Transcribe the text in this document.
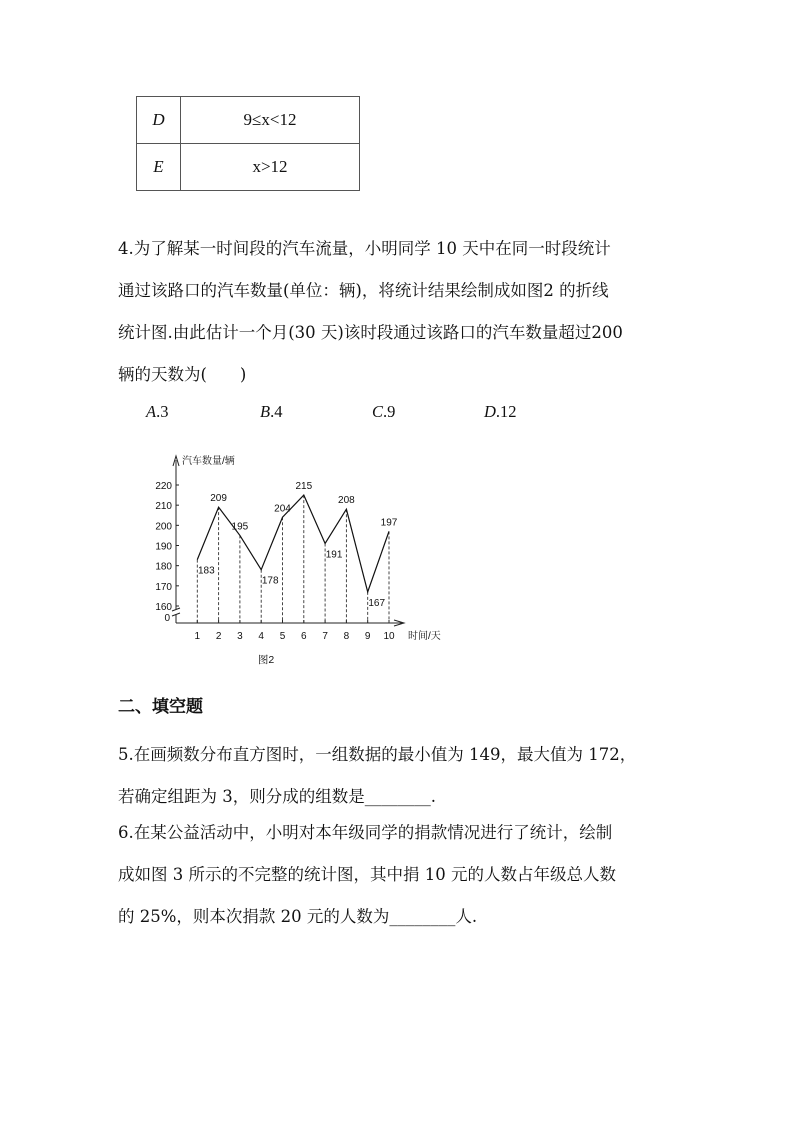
D	9≤x<12
E	x>12

4.为了解某一时间段的汽车流量，小明同学 10 天中在同一时段统计

通过该路口的汽车数量(单位：辆)，将统计结果绘制成如图2 的折线

统计图.由此估计一个月(30 天)该时段通过该路口的汽车数量超过200

辆的天数为(　　)

A.3	B.4	C.9	D.12
220
210
200
190
180
170
160
0
1 2 3 4 5 6 7 8 9 10
汽车数量/辆
时间/天
图2
183
209
195
178
204
215
191
208
167
197
二、填空题

5.在画频数分布直方图时，一组数据的最小值为 149，最大值为 172，

若确定组距为 3，则分成的组数是________.

6.在某公益活动中，小明对本年级同学的捐款情况进行了统计，绘制

成如图 3 所示的不完整的统计图，其中捐 10 元的人数占年级总人数

的 25%，则本次捐款 20 元的人数为________人.
